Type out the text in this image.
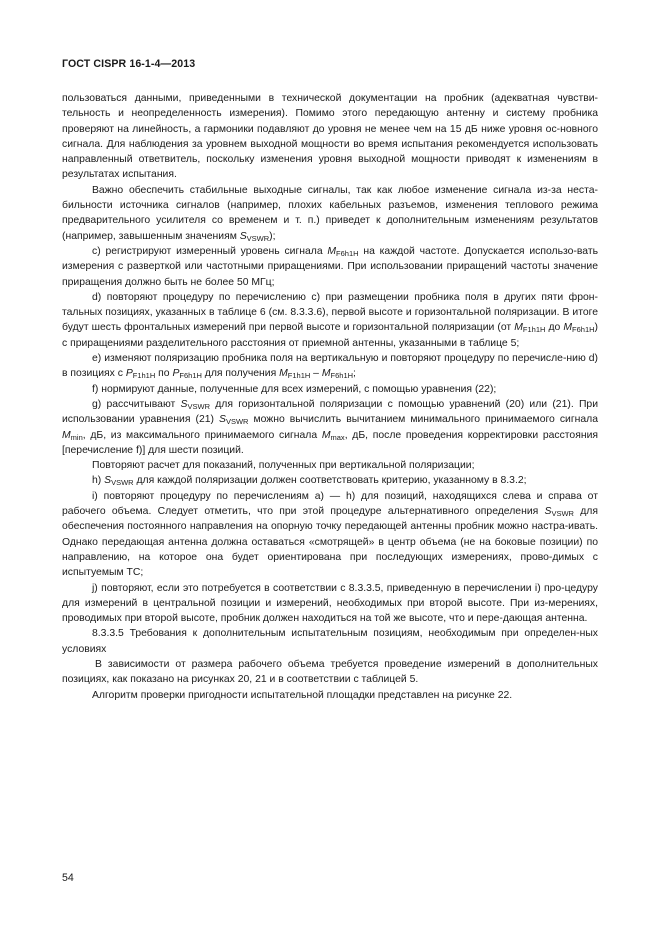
ГОСТ CISPR 16-1-4—2013

пользоваться данными, приведенными в технической документации на пробник (адекватная чувстви-тельность и неопределенность измерения). Помимо этого передающую антенну и систему пробника проверяют на линейность, а гармоники подавляют до уровня не менее чем на 15 дБ ниже уровня ос-новного сигнала. Для наблюдения за уровнем выходной мощности во время испытания рекомендуется использовать направленный ответвитель, поскольку изменения уровня выходной мощности приводят к изменениям в результатах испытания.

Важно обеспечить стабильные выходные сигналы, так как любое изменение сигнала из-за неста-бильности источника сигналов (например, плохих кабельных разъемов, изменения теплового режима предварительного усилителя со временем и т. п.) приведет к дополнительным изменениям результатов (например, завышенным значениям $S_{VSWR}$);

c) регистрируют измеренный уровень сигнала $M_{F6h1H}$ на каждой частоте. Допускается использо-вать измерения с разверткой или частотными приращениями. При использовании приращений частоты значение приращения должно быть не более 50 МГц;

d) повторяют процедуру по перечислению c) при размещении пробника поля в других пяти фрон-тальных позициях, указанных в таблице 6 (см. 8.3.3.6), первой высоте и горизонтальной поляризации. В итоге будут шесть фронтальных измерений при первой высоте и горизонтальной поляризации (от $M_{F1h1H}$ до $M_{F6h1H}$) с приращениями разделительного расстояния от приемной антенны, указанными в таблице 5;

e) изменяют поляризацию пробника поля на вертикальную и повторяют процедуру по перечисле-нию d) в позициях с $P_{F1h1H}$ по $P_{F6h1H}$ для получения $M_{F1h1H} - M_{F6h1H}$;

f) нормируют данные, полученные для всех измерений, с помощью уравнения (22);

g) рассчитывают $S_{VSWR}$ для горизонтальной поляризации с помощью уравнений (20) или (21). При использовании уравнения (21) $S_{VSWR}$ можно вычислить вычитанием минимального принимаемого сигнала $M_{min}$, дБ, из максимального принимаемого сигнала $M_{max}$, дБ, после проведения корректировки расстояния [перечисление f)] для шести позиций.

Повторяют расчет для показаний, полученных при вертикальной поляризации;

h) $S_{VSWR}$ для каждой поляризации должен соответствовать критерию, указанному в 8.3.2;

i) повторяют процедуру по перечислениям a) — h) для позиций, находящихся слева и справа от рабочего объема. Следует отметить, что при этой процедуре альтернативного определения $S_{VSWR}$ для обеспечения постоянного направления на опорную точку передающей антенны пробник можно настра-ивать. Однако передающая антенна должна оставаться «смотрящей» в центр объема (не на боковые позиции) по направлению, на которое она будет ориентирована при последующих измерениях, прово-димых с испытуемым ТС;

j) повторяют, если это потребуется в соответствии с 8.3.3.5, приведенную в перечислении i) про-цедуру для измерений в центральной позиции и измерений, необходимых при второй высоте. При из-мерениях, проводимых при второй высоте, пробник должен находиться на той же высоте, что и пере-дающая антенна.

8.3.3.5 Требования к дополнительным испытательным позициям, необходимым при определен-ных условиях

В зависимости от размера рабочего объема требуется проведение измерений в дополнительных позициях, как показано на рисунках 20, 21 и в соответствии с таблицей 5.

Алгоритм проверки пригодности испытательной площадки представлен на рисунке 22.

54
